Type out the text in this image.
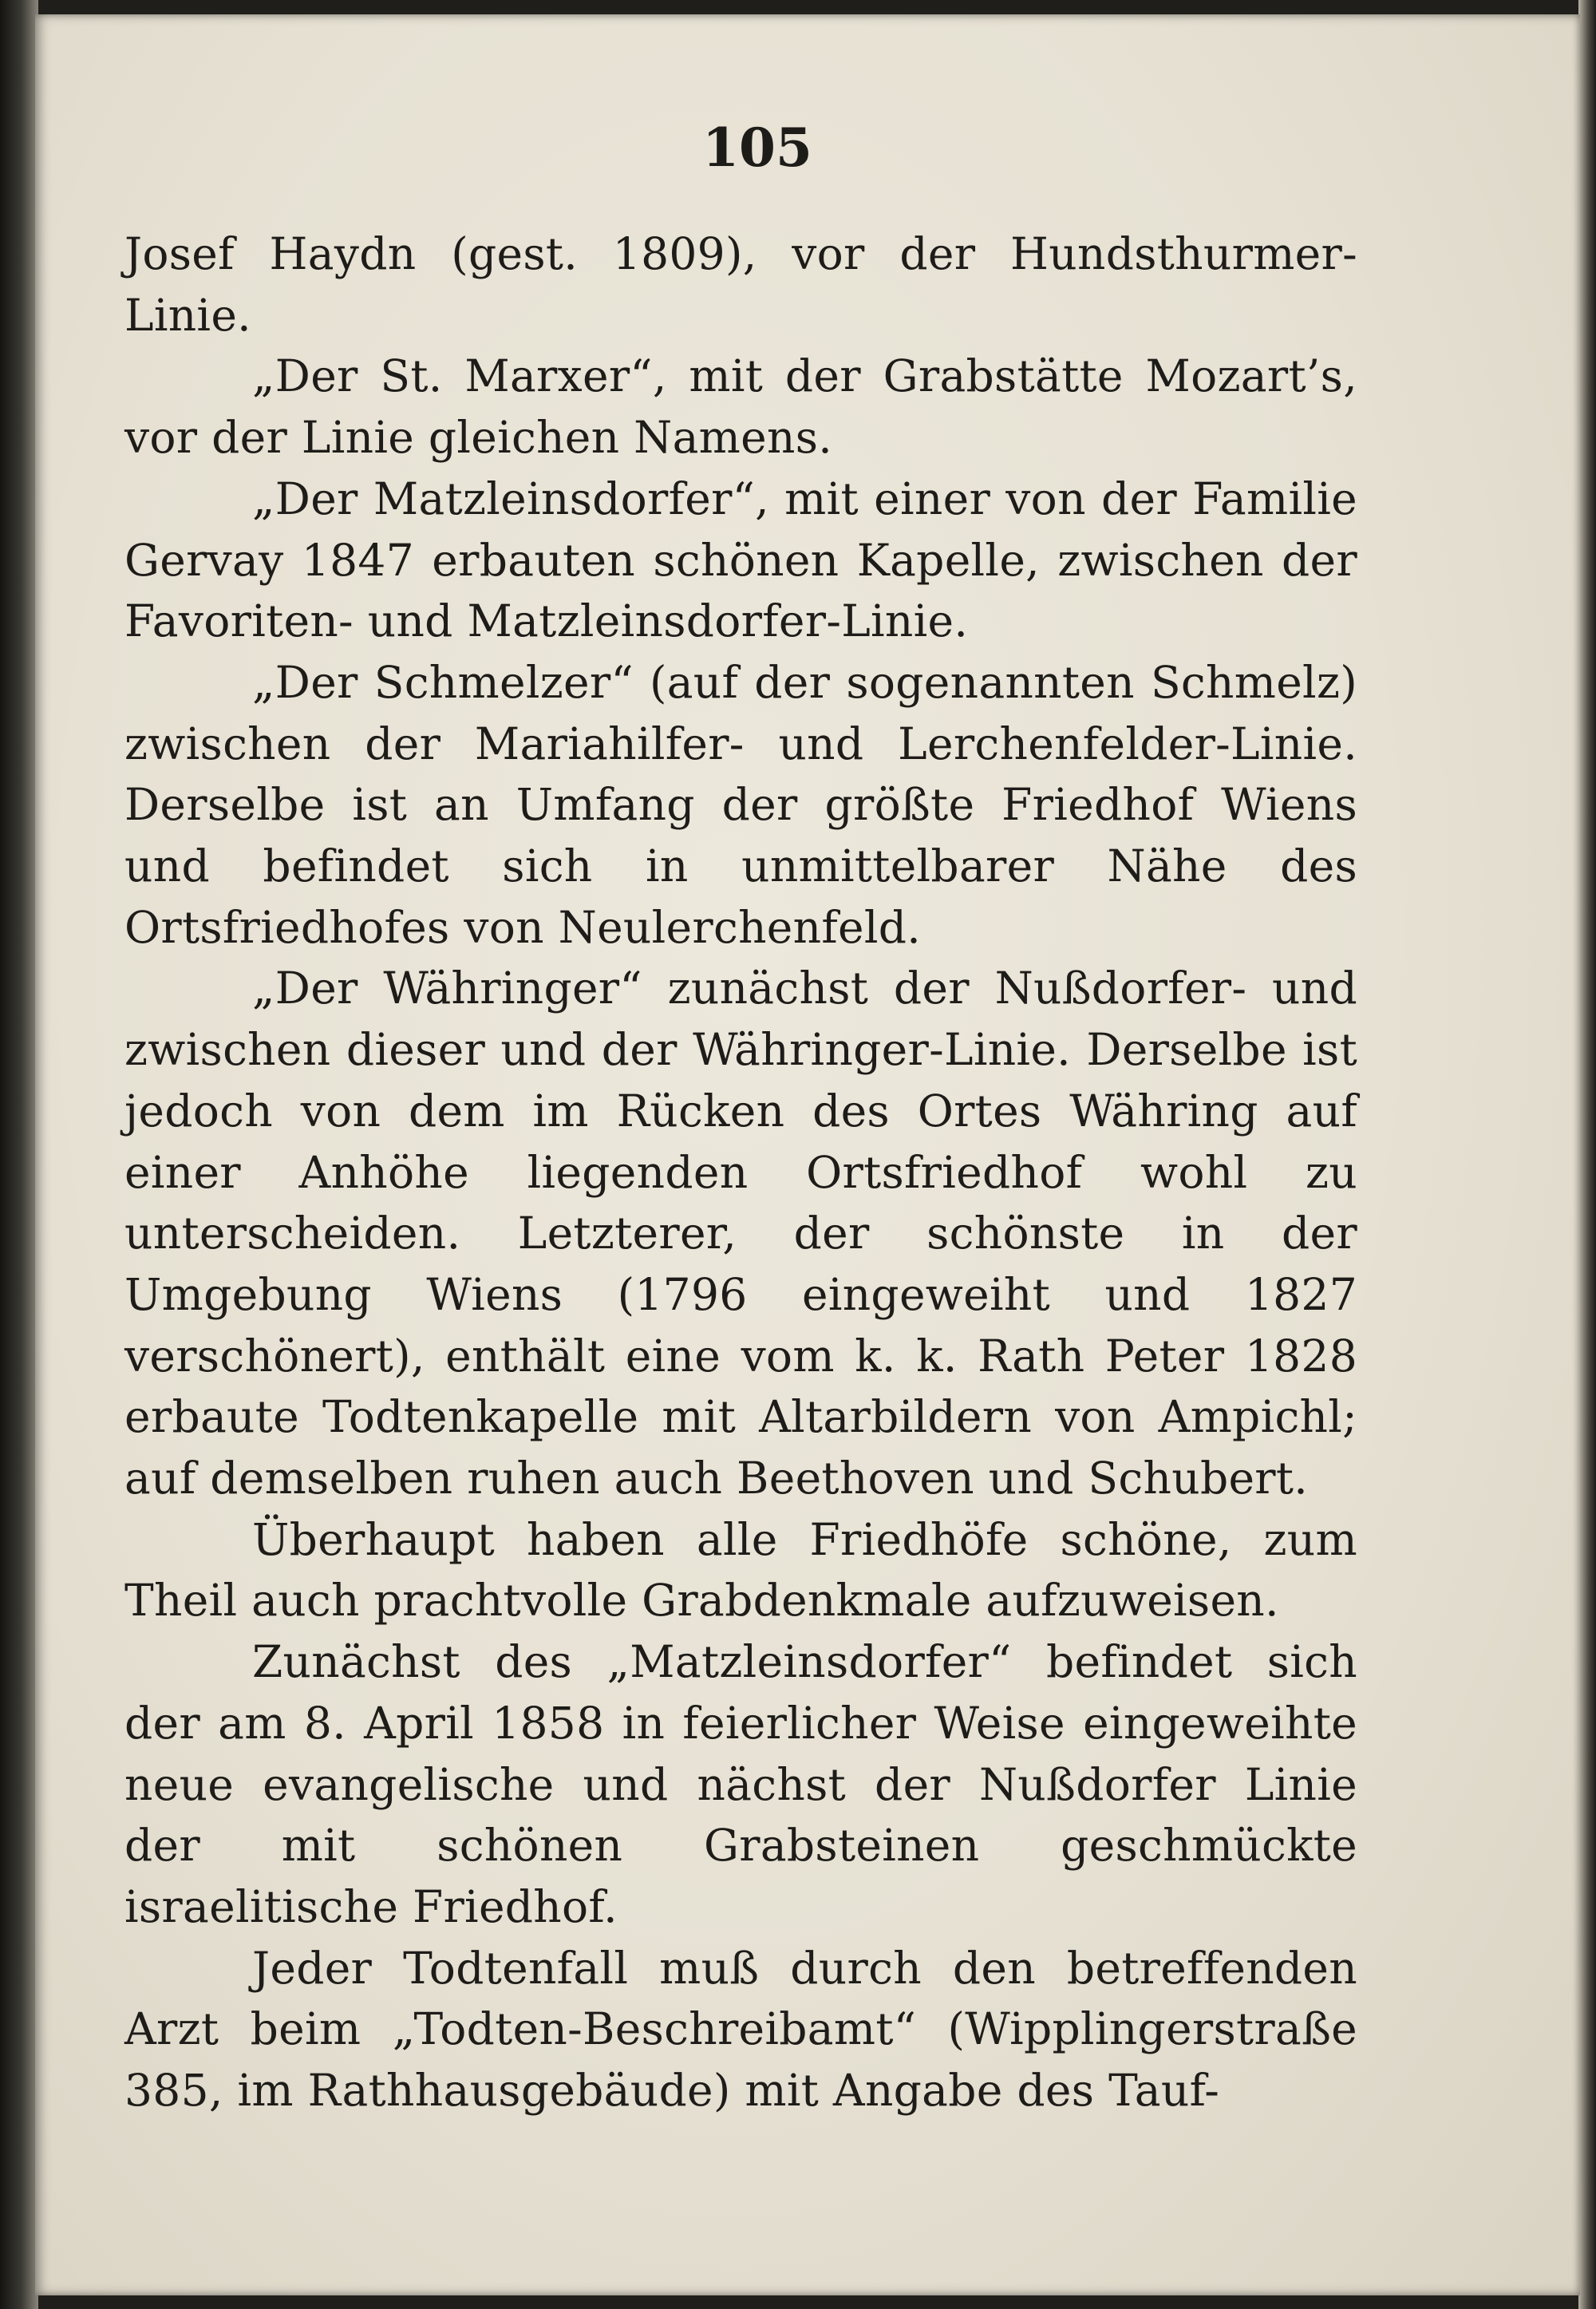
105

Josef Haydn (gest. 1809), vor der Hundsthurmer-Linie.

„Der St. Marxer“, mit der Grabstätte Mozart’s, vor der Linie gleichen Namens.

„Der Matzleinsdorfer“, mit einer von der Familie Gervay 1847 erbauten schönen Kapelle, zwischen der Favoriten- und Matzleinsdorfer-Linie.

„Der Schmelzer“ (auf der sogenannten Schmelz) zwischen der Mariahilfer- und Lerchenfelder-Linie. Derselbe ist an Umfang der größte Friedhof Wiens und befindet sich in unmittelbarer Nähe des Ortsfriedhofes von Neulerchenfeld.

„Der Währinger“ zunächst der Nußdorfer- und zwischen dieser und der Währinger-Linie. Derselbe ist jedoch von dem im Rücken des Ortes Währing auf einer Anhöhe liegenden Ortsfriedhof wohl zu unterscheiden. Letzterer, der schönste in der Umgebung Wiens (1796 eingeweiht und 1827 verschönert), enthält eine vom k. k. Rath Peter 1828 erbaute Todtenkapelle mit Altarbildern von Ampichl; auf demselben ruhen auch Beethoven und Schubert.

Überhaupt haben alle Friedhöfe schöne, zum Theil auch prachtvolle Grabdenkmale aufzuweisen.

Zunächst des „Matzleinsdorfer“ befindet sich der am 8. April 1858 in feierlicher Weise eingeweihte neue evangelische und nächst der Nußdorfer Linie der mit schönen Grabsteinen geschmückte israelitische Friedhof.

Jeder Todtenfall muß durch den betreffenden Arzt beim „Todten-Beschreibamt“ (Wipplingerstraße 385, im Rathhausgebäude) mit Angabe des Tauf-
